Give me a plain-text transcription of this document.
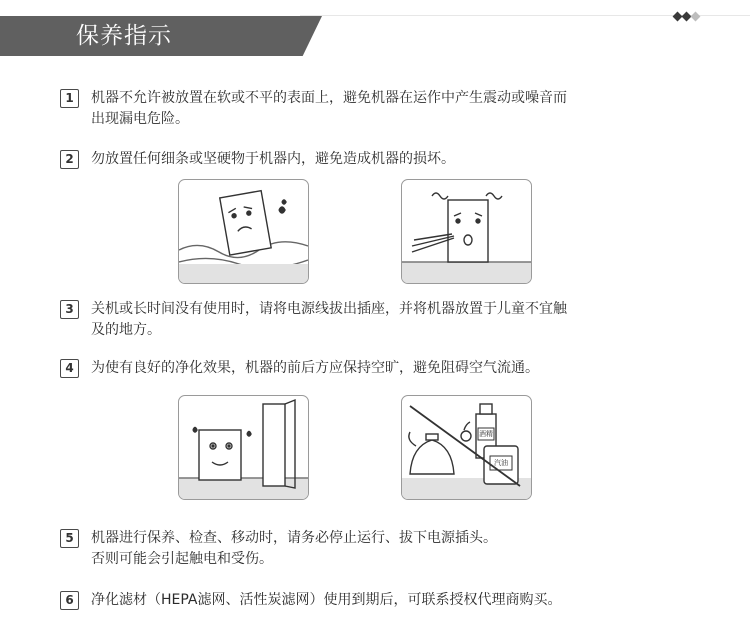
保养指示
1	机器不允许被放置在软或不平的表面上，避免机器在运作中产生震动或噪音而
出现漏电危险。
2	勿放置任何细条或坚硬物于机器内，避免造成机器的损坏。
3	关机或长时间没有使用时，请将电源线拔出插座，并将机器放置于儿童不宜触
及的地方。
4	为使有良好的净化效果，机器的前后方应保持空旷，避免阻碍空气流通。
酒精
汽油
5	机器进行保养、检查、移动时，请务必停止运行、拔下电源插头。
否则可能会引起触电和受伤。
6	净化滤材（HEPA滤网、活性炭滤网）使用到期后，可联系授权代理商购买。
